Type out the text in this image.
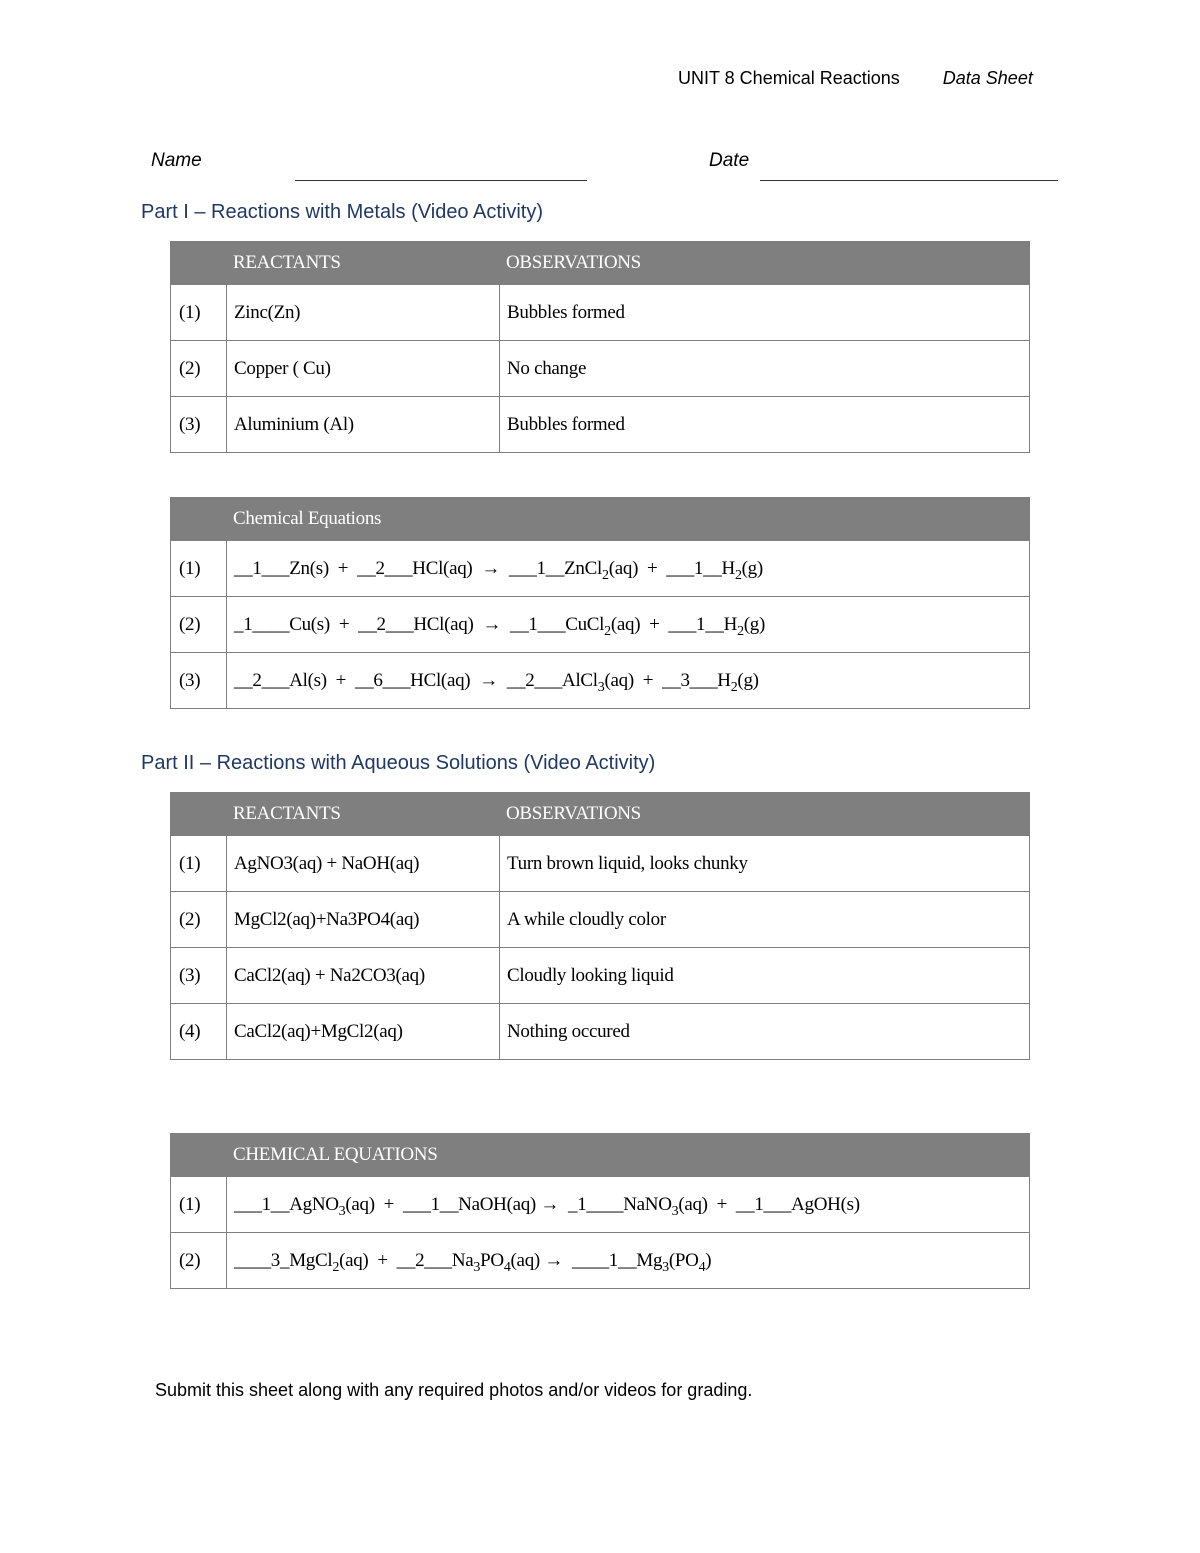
UNIT 8 Chemical Reactions Data Sheet
Name	Date
Part I – Reactions with Metals (Video Activity)
	REACTANTS	OBSERVATIONS
(1)	Zinc(Zn)	Bubbles formed
(2)	Copper ( Cu)	No change
(3)	Aluminium (Al)	Bubbles formed
	Chemical Equations
(1)	__1___Zn(s)  +  __2___HCl(aq)  →  ___1__ZnCl$_2$(aq)  +  $\_\_\_1\_\_H_2(g)$
(2)	_1____Cu(s)  +  __2___HCl(aq)  →  __1___CuCl$_2$(aq)  +  $\_\_\_1\_\_H_2(g)$
(3)	__2___Al(s)  +  __6___HCl(aq)  →  __2___AlCl$_3$(aq)  +  $\_\_3\_\_\_H_2(g)$
Part II – Reactions with Aqueous Solutions (Video Activity)
	REACTANTS	OBSERVATIONS
(1)	AgNO3(aq) + NaOH(aq)	Turn brown liquid, looks chunky
(2)	MgCl2(aq)+Na3PO4(aq)	A while cloudly color
(3)	CaCl2(aq) + Na2CO3(aq)	Cloudly looking liquid
(4)	CaCl2(aq)+MgCl2(aq)	Nothing occured
	CHEMICAL EQUATIONS
(1)	___1__AgNO$_3$(aq)  +  ___1__NaOH(aq) →  _1____NaNO$_3$(aq)  +  __1___AgOH(s)
(2)	____3_MgCl$_2$(aq)  +  $\_\_2\_\_\_Na_3PO_4(aq)$ →  $\_\_\_\_1\_\_Mg_3(PO_4)$
Submit this sheet along with any required photos and/or videos for grading.
